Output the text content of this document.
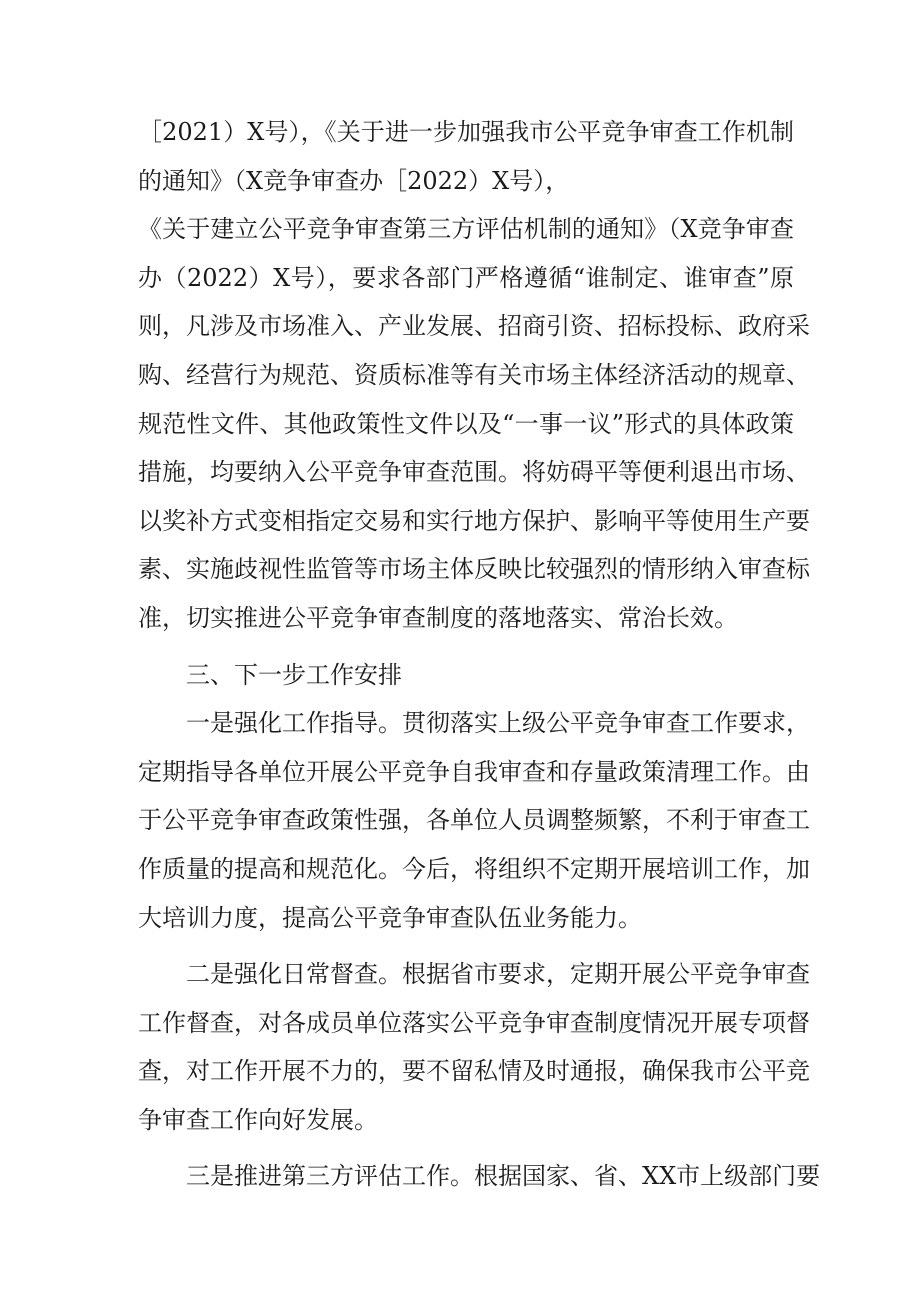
［2021）X号），《关于进一步加强我市公平竞争审查工作机制
的通知》（X竞争审查办［2022）X号），
《关于建立公平竞争审查第三方评估机制的通知》（X竞争审查
办（2022）X号），要求各部门严格遵循“谁制定、谁审查”原
则，凡涉及市场准入、产业发展、招商引资、招标投标、政府采
购、经营行为规范、资质标准等有关市场主体经济活动的规章、
规范性文件、其他政策性文件以及“一事一议”形式的具体政策
措施，均要纳入公平竞争审查范围。将妨碍平等便利退出市场、
以奖补方式变相指定交易和实行地方保护、影响平等使用生产要
素、实施歧视性监管等市场主体反映比较强烈的情形纳入审查标
准，切实推进公平竞争审查制度的落地落实、常治长效。
三、下一步工作安排
一是强化工作指导。贯彻落实上级公平竞争审查工作要求，
定期指导各单位开展公平竞争自我审查和存量政策清理工作。由
于公平竞争审查政策性强，各单位人员调整频繁，不利于审查工
作质量的提高和规范化。今后，将组织不定期开展培训工作，加
大培训力度，提高公平竞争审查队伍业务能力。
二是强化日常督查。根据省市要求，定期开展公平竞争审查
工作督查，对各成员单位落实公平竞争审查制度情况开展专项督
查，对工作开展不力的，要不留私情及时通报，确保我市公平竞
争审查工作向好发展。
三是推进第三方评估工作。根据国家、省、XX市上级部门要
